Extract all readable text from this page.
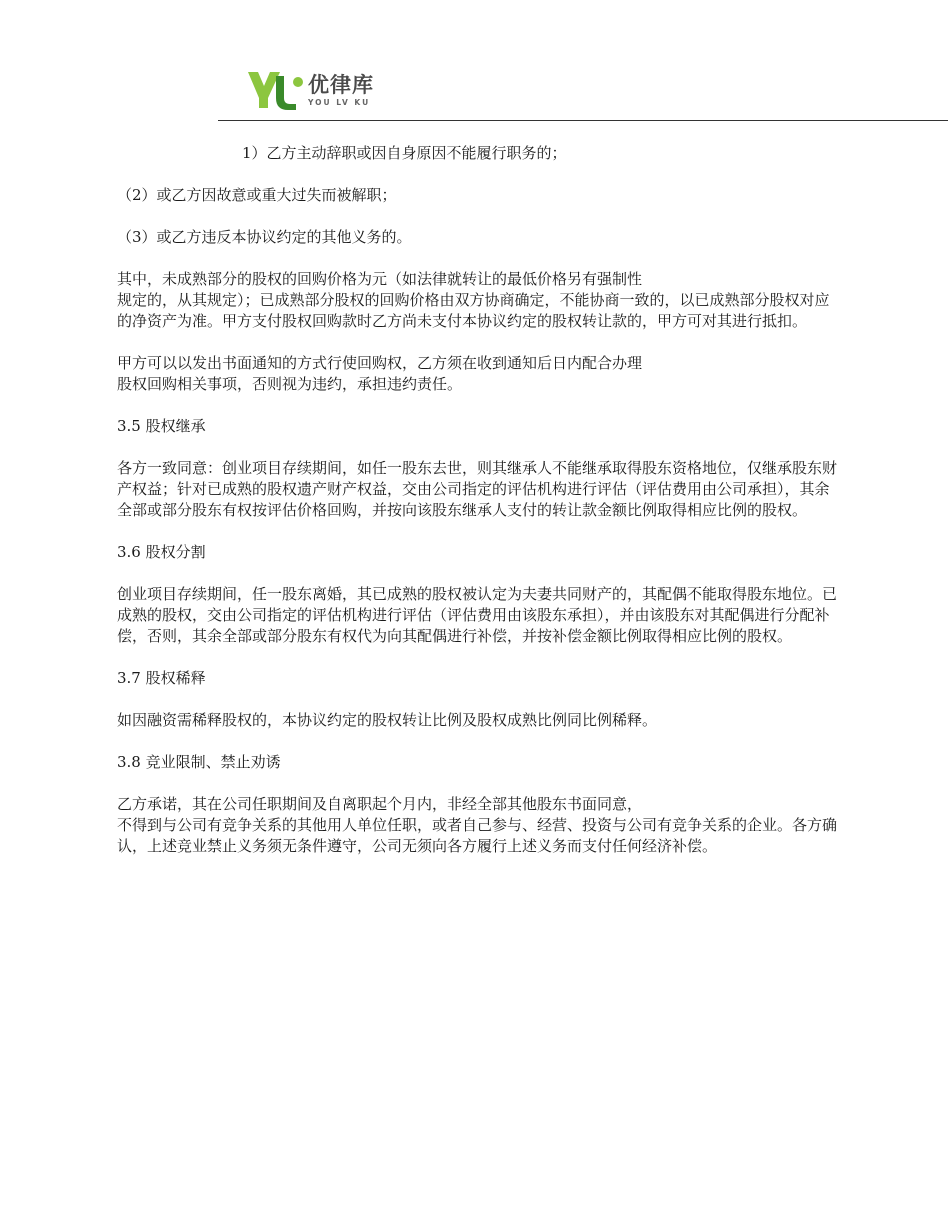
优律库
YOU LV KU

1）乙方主动辞职或因自身原因不能履行职务的；

（2）或乙方因故意或重大过失而被解职；

（3）或乙方违反本协议约定的其他义务的。

其中，未成熟部分的股权的回购价格为元（如法律就转让的最低价格另有强制性

规定的，从其规定）；已成熟部分股权的回购价格由双方协商确定，不能协商一致的，以已成熟部分股权对应的净资产为准。甲方支付股权回购款时乙方尚未支付本协议约定的股权转让款的，甲方可对其进行抵扣。

甲方可以以发出书面通知的方式行使回购权，乙方须在收到通知后日内配合办理

股权回购相关事项，否则视为违约，承担违约责任。

3.5 股权继承

各方一致同意：创业项目存续期间，如任一股东去世，则其继承人不能继承取得股东资格地位，仅继承股东财产权益；针对已成熟的股权遗产财产权益，交由公司指定的评估机构进行评估（评估费用由公司承担），其余全部或部分股东有权按评估价格回购，并按向该股东继承人支付的转让款金额比例取得相应比例的股权。

3.6 股权分割

创业项目存续期间，任一股东离婚，其已成熟的股权被认定为夫妻共同财产的，其配偶不能取得股东地位。已成熟的股权，交由公司指定的评估机构进行评估（评估费用由该股东承担），并由该股东对其配偶进行分配补偿，否则，其余全部或部分股东有权代为向其配偶进行补偿，并按补偿金额比例取得相应比例的股权。

3.7 股权稀释

如因融资需稀释股权的，本协议约定的股权转让比例及股权成熟比例同比例稀释。

3.8 竞业限制、禁止劝诱

乙方承诺，其在公司任职期间及自离职起个月内，非经全部其他股东书面同意，

不得到与公司有竞争关系的其他用人单位任职，或者自己参与、经营、投资与公司有竞争关系的企业。各方确认，上述竞业禁止义务须无条件遵守，公司无须向各方履行上述义务而支付任何经济补偿。
